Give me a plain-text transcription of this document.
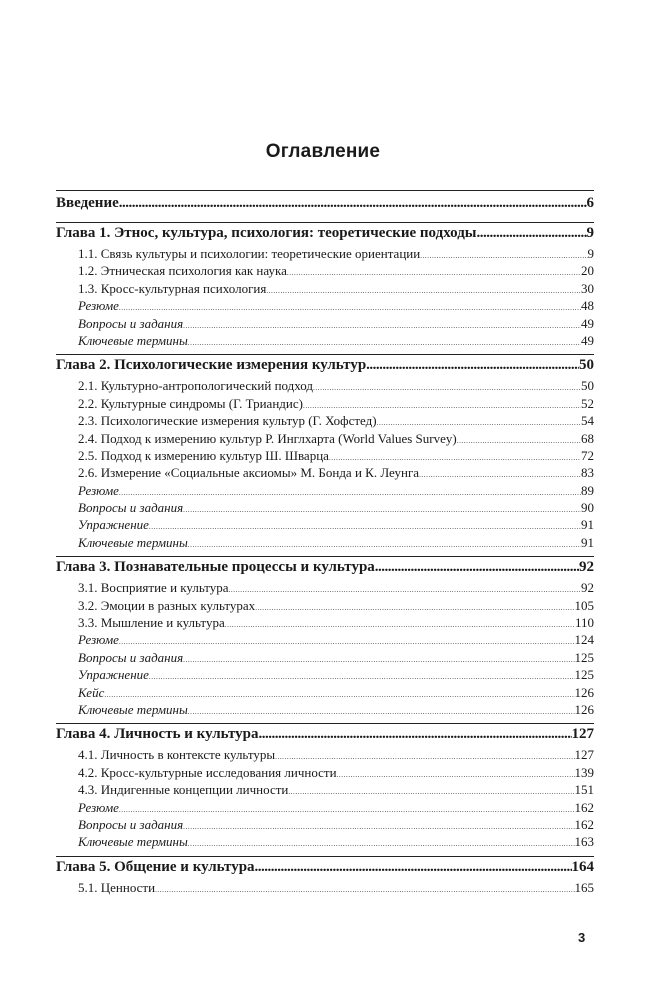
Оглавление
Введение .....	6
Глава 1. Этнос, культура, психология: теоретические подходы .....	9
1.1. Связь культуры и психологии: теоретические ориентации .....	9
1.2. Этническая психология как наука .....	20
1.3. Кросс-культурная психология .....	30
Резюме .....	48
Вопросы и задания .....	49
Ключевые термины .....	49
Глава 2. Психологические измерения культур .....	50
2.1. Культурно-антропологический подход .....	50
2.2. Культурные синдромы (Г. Триандис) .....	52
2.3. Психологические измерения культур (Г. Хофстед) .....	54
2.4. Подход к измерению культур Р. Инглхарта (World Values Survey) .....	68
2.5. Подход к измерению культур Ш. Шварца .....	72
2.6. Измерение «Социальные аксиомы» М. Бонда и К. Леунга .....	83
Резюме .....	89
Вопросы и задания .....	90
Упражнение .....	91
Ключевые термины .....	91
Глава 3. Познавательные процессы и культура .....	92
3.1. Восприятие и культура .....	92
3.2. Эмоции в разных культурах .....	105
3.3. Мышление и культура .....	110
Резюме .....	124
Вопросы и задания .....	125
Упражнение .....	125
Кейс .....	126
Ключевые термины .....	126
Глава 4. Личность и культура .....	127
4.1. Личность в контексте культуры .....	127
4.2. Кросс-культурные исследования личности .....	139
4.3. Индигенные концепции личности .....	151
Резюме .....	162
Вопросы и задания .....	162
Ключевые термины .....	163
Глава 5. Общение и культура .....	164
5.1. Ценности .....	165
3
